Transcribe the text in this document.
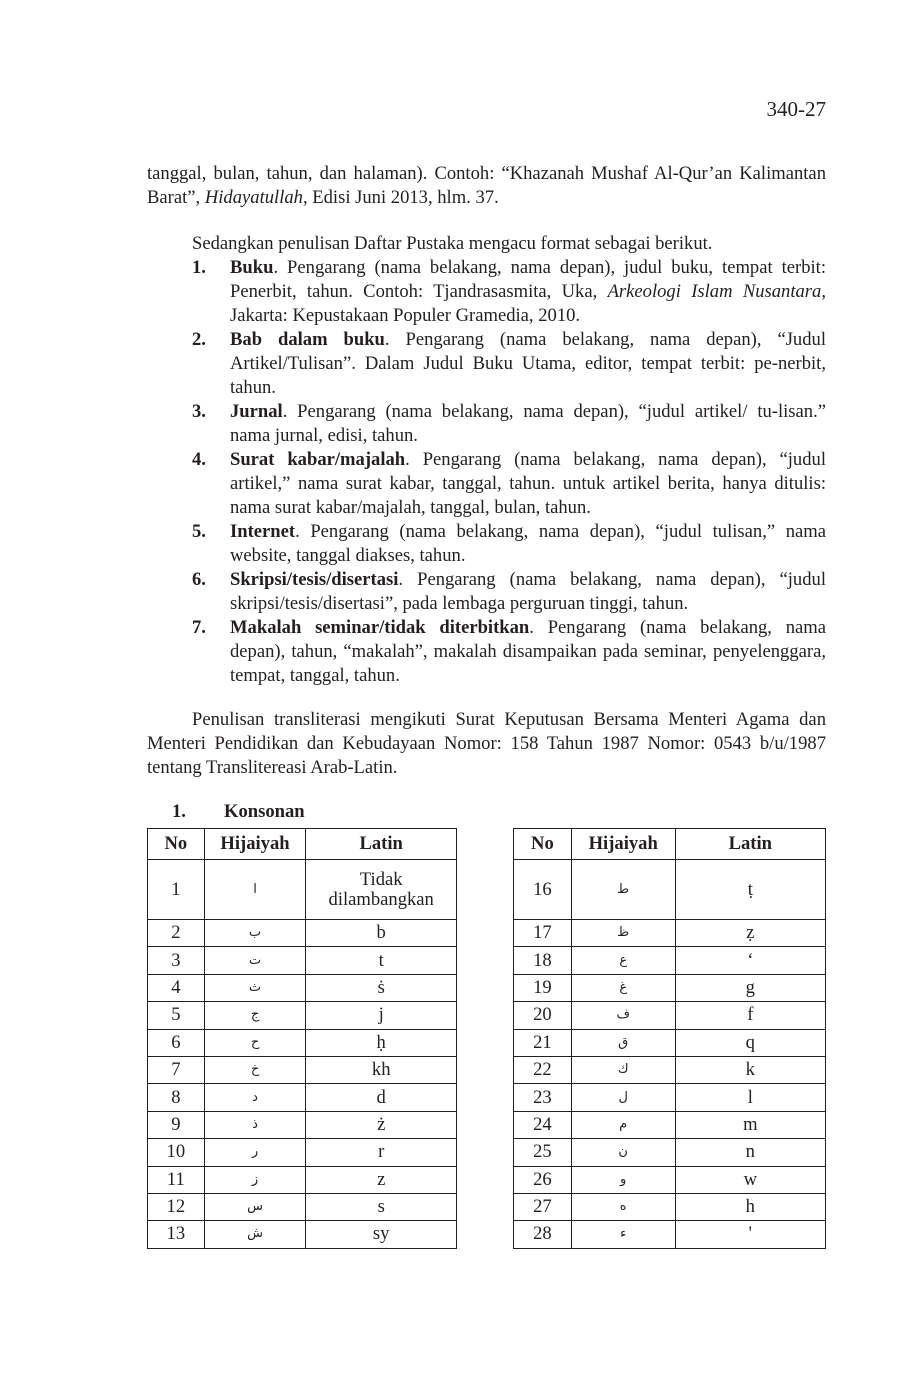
340-27

tanggal, bulan, tahun, dan halaman). Contoh: “Khazanah Mushaf Al-Qur’an Kalimantan Barat”, Hidayatullah, Edisi Juni 2013, hlm. 37.

Sedangkan penulisan Daftar Pustaka mengacu format sebagai berikut.

1. Buku. Pengarang (nama belakang, nama depan), judul buku, tempat terbit: Penerbit, tahun. Contoh: Tjandrasasmita, Uka, Arkeologi Islam Nusantara, Jakarta: Kepustakaan Populer Gramedia, 2010.
2. Bab dalam buku. Pengarang (nama belakang, nama depan), “Judul Artikel/Tulisan”. Dalam Judul Buku Utama, editor, tempat terbit: pe-nerbit, tahun.
3. Jurnal. Pengarang (nama belakang, nama depan), “judul artikel/ tu-lisan.” nama jurnal, edisi, tahun.
4. Surat kabar/majalah. Pengarang (nama belakang, nama depan), “judul artikel,” nama surat kabar, tanggal, tahun. untuk artikel berita, hanya ditulis: nama surat kabar/majalah, tanggal, bulan, tahun.
5. Internet. Pengarang (nama belakang, nama depan), “judul tulisan,” nama website, tanggal diakses, tahun.
6. Skripsi/tesis/disertasi. Pengarang (nama belakang, nama depan), “judul skripsi/tesis/disertasi”, pada lembaga perguruan tinggi, tahun.
7. Makalah seminar/tidak diterbitkan. Pengarang (nama belakang, nama depan), tahun, “makalah”, makalah disampaikan pada seminar, penyelenggara, tempat, tanggal, tahun.

Penulisan transliterasi mengikuti Surat Keputusan Bersama Menteri Agama dan Menteri Pendidikan dan Kebudayaan Nomor: 158 Tahun 1987 Nomor: 0543 b/u/1987 tentang Translitereasi Arab-Latin.

1. Konsonan
No	Hijaiyah	Latin
1	ا	Tidak dilambangkan
2	ب	b
3	ت	t
4	ث	ṡ
5	ج	j
6	ح	ḥ
7	خ	kh
8	د	d
9	ذ	ż
10	ر	r
11	ز	z
12	س	s
13	ش	sy
No	Hijaiyah	Latin
16	ط	ṭ
17	ظ	ẓ
18	ع	‘
19	غ	g
20	ف	f
21	ق	q
22	ك	k
23	ل	l
24	م	m
25	ن	n
26	و	w
27	ه	h
28	ء	'
